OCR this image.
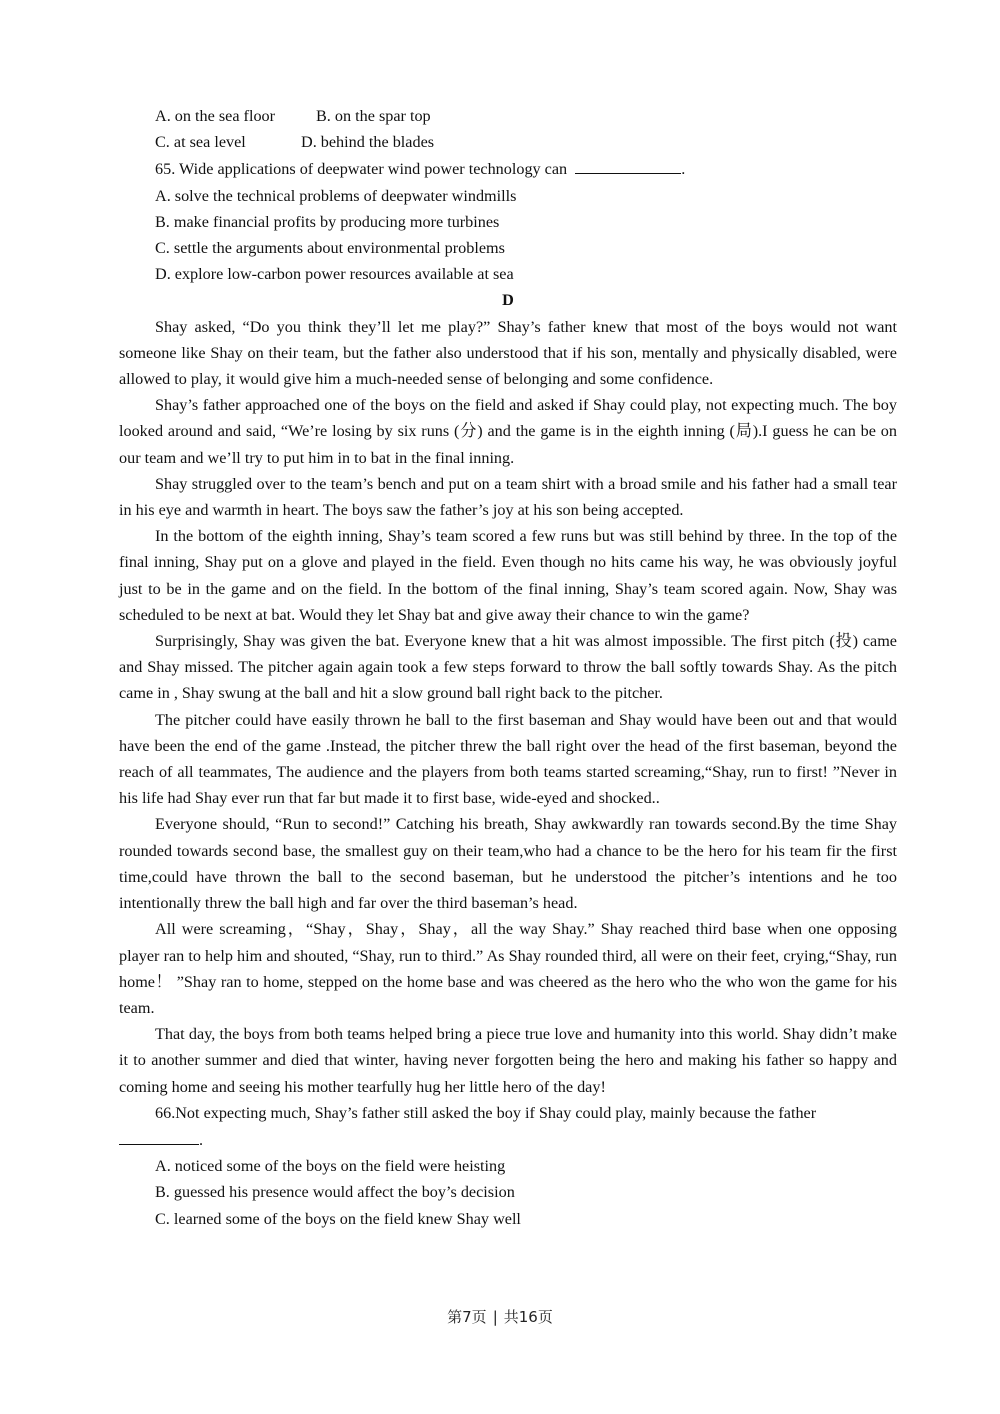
A. on the sea floor	B. on the spar top
C. at sea level	D. behind the blades
65. Wide applications of deepwater wind power technology can	.
A. solve the technical problems of deepwater windmills
B. make financial profits by producing more turbines
C. settle the arguments about environmental problems
D. explore low-carbon power resources available at sea
D
Shay asked, “Do you think they’ll let me play?” Shay’s father knew that most of the boys would not want someone like Shay on their team, but the father also understood that if his son, mentally and physically disabled, were allowed to play, it would give him a much-needed sense of belonging and some confidence.
Shay’s father approached one of the boys on the field and asked if Shay could play, not expecting much. The boy looked around and said, “We’re losing by six runs (分) and the game is in the eighth inning (局).I guess he can be on our team and we’ll try to put him in to bat in the final inning.
Shay struggled over to the team’s bench and put on a team shirt with a broad smile and his father had a small tear in his eye and warmth in heart. The boys saw the father’s joy at his son being accepted.
In the bottom of the eighth inning, Shay’s team scored a few runs but was still behind by three. In the top of the final inning, Shay put on a glove and played in the field. Even though no hits came his way, he was obviously joyful just to be in the game and on the field. In the bottom of the final inning, Shay’s team scored again. Now, Shay was scheduled to be next at bat. Would they let Shay bat and give away their chance to win the game?
Surprisingly, Shay was given the bat. Everyone knew that a hit was almost impossible. The first pitch (投) came and Shay missed. The pitcher again again took a few steps forward to throw the ball softly towards Shay. As the pitch came in , Shay swung at the ball and hit a slow ground ball right back to the pitcher.
The pitcher could have easily thrown he ball to the first baseman and Shay would have been out and that would have been the end of the game .Instead, the pitcher threw the ball right over the head of the first baseman, beyond the reach of all teammates, The audience and the players from both teams started screaming,“Shay, run to first! ”Never in his life had Shay ever run that far but made it to first base, wide-eyed and shocked..
Everyone should, “Run to second!” Catching his breath, Shay awkwardly ran towards second.By the time Shay rounded towards second base, the smallest guy on their team,who had a chance to be the hero for his team fir the first time,could have thrown the ball to the second baseman, but he understood the pitcher’s intentions and he too intentionally threw the ball high and far over the third baseman’s head.
All were screaming，“Shay，Shay，Shay，all the way Shay.” Shay reached third base when one opposing player ran to help him and shouted, “Shay, run to third.” As Shay rounded third, all were on their feet, crying,“Shay, run home！ ”Shay ran to home, stepped on the home base and was cheered as the hero who the who won the game for his team.
That day, the boys from both teams helped bring a piece true love and humanity into this world. Shay didn’t make it to another summer and died that winter, having never forgotten being the hero and making his father so happy and coming home and seeing his mother tearfully hug her little hero of the day!
66.Not expecting much, Shay’s father still asked the boy if Shay could play, mainly because the father
.
A. noticed some of the boys on the field were heisting
B. guessed his presence would affect the boy’s decision
C. learned some of the boys on the field knew Shay well
第7页 | 共16页
